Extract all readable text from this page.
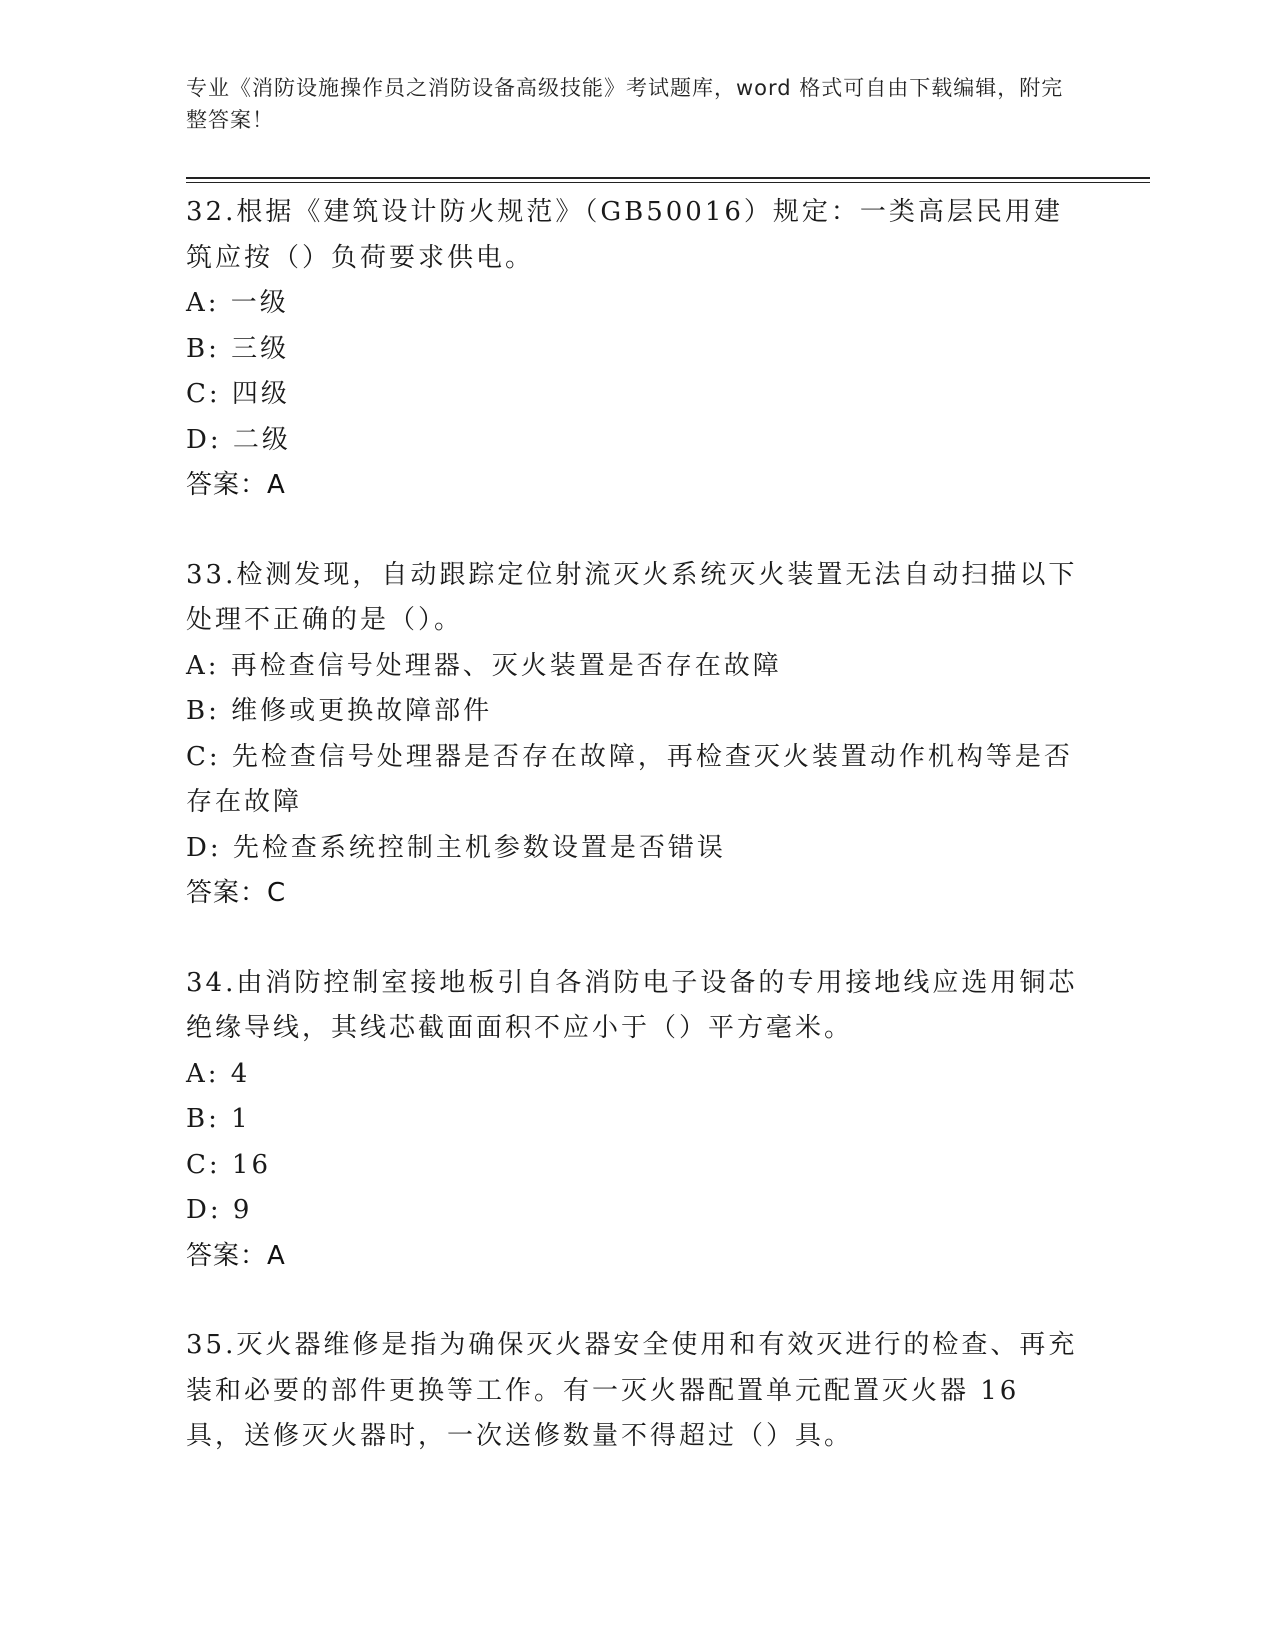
专业《消防设施操作员之消防设备高级技能》考试题库，word 格式可自由下载编辑，附完整答案！
32.根据《建筑设计防火规范》（GB50016）规定：一类高层民用建筑应按（）负荷要求供电。
A: 一级
B: 三级
C: 四级
D: 二级
答案：A
33.检测发现，自动跟踪定位射流灭火系统灭火装置无法自动扫描以下处理不正确的是（）。
A: 再检查信号处理器、灭火装置是否存在故障
B: 维修或更换故障部件
C: 先检查信号处理器是否存在故障，再检查灭火装置动作机构等是否存在故障
D: 先检查系统控制主机参数设置是否错误
答案：C
34.由消防控制室接地板引自各消防电子设备的专用接地线应选用铜芯绝缘导线，其线芯截面面积不应小于（）平方毫米。
A: 4
B: 1
C: 16
D: 9
答案：A
35.灭火器维修是指为确保灭火器安全使用和有效灭进行的检查、再充装和必要的部件更换等工作。有一灭火器配置单元配置灭火器 16 具，送修灭火器时，一次送修数量不得超过（）具。
